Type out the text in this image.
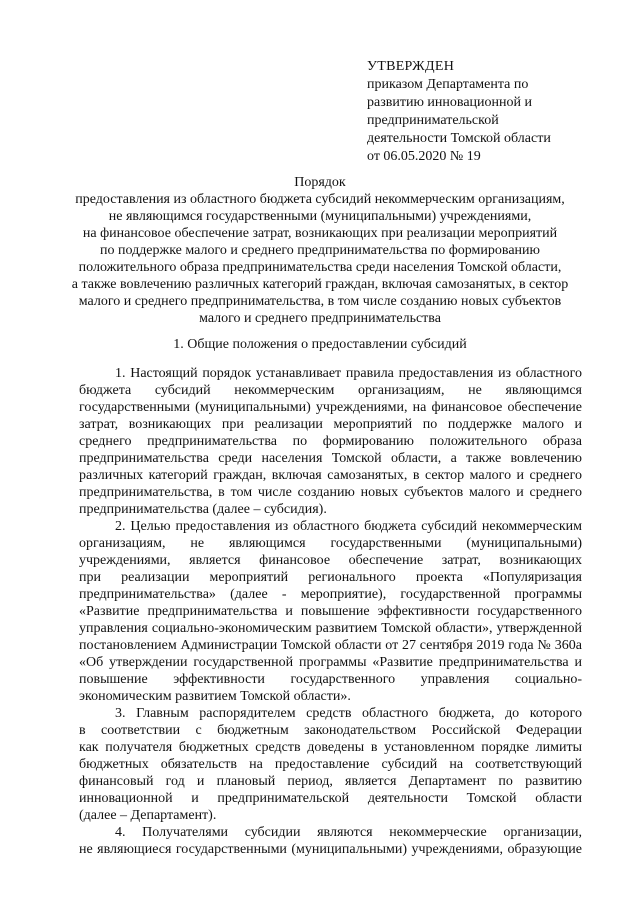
УТВЕРЖДЕН
приказом Департамента по
развитию инновационной и
предпринимательской
деятельности Томской области
от 06.05.2020 № 19
Порядок
предоставления из областного бюджета субсидий некоммерческим организациям,
не являющимся государственными (муниципальными) учреждениями,
на финансовое обеспечение затрат, возникающих при реализации мероприятий
по поддержке малого и среднего предпринимательства по формированию
положительного образа предпринимательства среди населения Томской области,
а также вовлечению различных категорий граждан, включая самозанятых, в сектор
малого и среднего предпринимательства, в том числе созданию новых субъектов
малого и среднего предпринимательства
1. Общие положения о предоставлении субсидий
1. Настоящий порядок устанавливает правила предоставления из областного
бюджета субсидий некоммерческим организациям, не являющимся
государственными (муниципальными) учреждениями, на финансовое обеспечение
затрат, возникающих при реализации мероприятий по поддержке малого и
среднего предпринимательства по формированию положительного образа
предпринимательства среди населения Томской области, а также вовлечению
различных категорий граждан, включая самозанятых, в сектор малого и среднего
предпринимательства, в том числе созданию новых субъектов малого и среднего
предпринимательства (далее – субсидия).
2. Целью предоставления из областного бюджета субсидий некоммерческим
организациям, не являющимся государственными (муниципальными)
учреждениями, является финансовое обеспечение затрат, возникающих
при реализации мероприятий регионального проекта «Популяризация
предпринимательства» (далее - мероприятие), государственной программы
«Развитие предпринимательства и повышение эффективности государственного
управления социально-экономическим развитием Томской области», утвержденной
постановлением Администрации Томской области от 27 сентября 2019 года № 360а
«Об утверждении государственной программы «Развитие предпринимательства и
повышение эффективности государственного управления социально-
экономическим развитием Томской области».
3. Главным распорядителем средств областного бюджета, до которого
в соответствии с бюджетным законодательством Российской Федерации
как получателя бюджетных средств доведены в установленном порядке лимиты
бюджетных обязательств на предоставление субсидий на соответствующий
финансовый год и плановый период, является Департамент по развитию
инновационной и предпринимательской деятельности Томской области
(далее – Департамент).
4. Получателями субсидии являются некоммерческие организации,
не являющиеся государственными (муниципальными) учреждениями, образующие
